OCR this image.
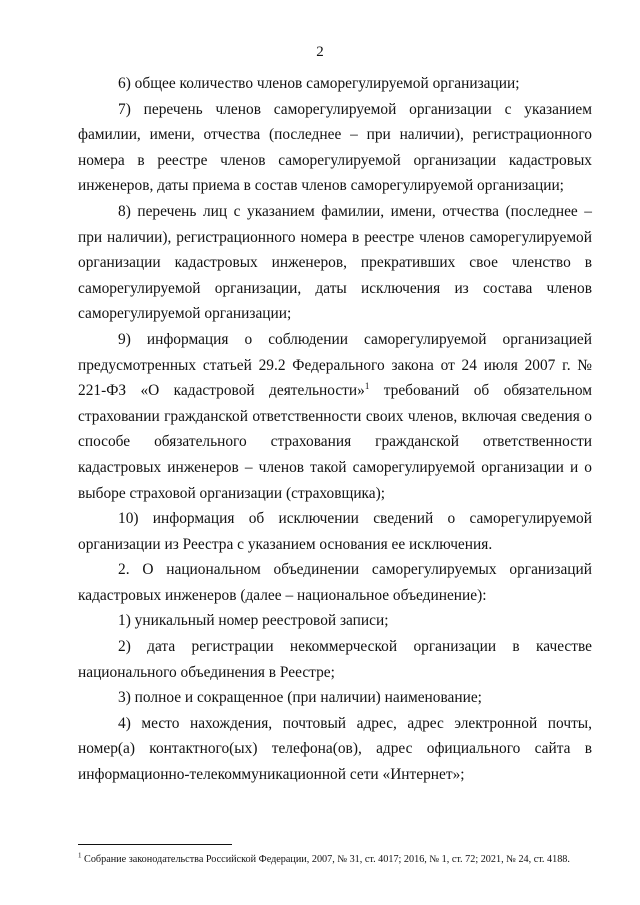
2

6) общее количество членов саморегулируемой организации;

7) перечень членов саморегулируемой организации с указанием фамилии, имени, отчества (последнее – при наличии), регистрационного номера в реестре членов саморегулируемой организации кадастровых инженеров, даты приема в состав членов саморегулируемой организации;

8) перечень лиц с указанием фамилии, имени, отчества (последнее – при наличии), регистрационного номера в реестре членов саморегулируемой организации кадастровых инженеров, прекративших свое членство в саморегулируемой организации, даты исключения из состава членов саморегулируемой организации;

9) информация о соблюдении саморегулируемой организацией предусмотренных статьей 29.2 Федерального закона от 24 июля 2007 г. № 221-ФЗ «О кадастровой деятельности»$^1$ требований об обязательном страховании гражданской ответственности своих членов, включая сведения о способе обязательного страхования гражданской ответственности кадастровых инженеров – членов такой саморегулируемой организации и о выборе страховой организации (страховщика);

10) информация об исключении сведений о саморегулируемой организации из Реестра с указанием основания ее исключения.

2. О национальном объединении саморегулируемых организаций кадастровых инженеров (далее – национальное объединение):

1) уникальный номер реестровой записи;

2) дата регистрации некоммерческой организации в качестве национального объединения в Реестре;

3) полное и сокращенное (при наличии) наименование;

4) место нахождения, почтовый адрес, адрес электронной почты, номер(а) контактного(ых) телефона(ов), адрес официального сайта в информационно-телекоммуникационной сети «Интернет»;

$^1$ Собрание законодательства Российской Федерации, 2007, № 31, ст. 4017; 2016, № 1, ст. 72; 2021, № 24, ст. 4188.
